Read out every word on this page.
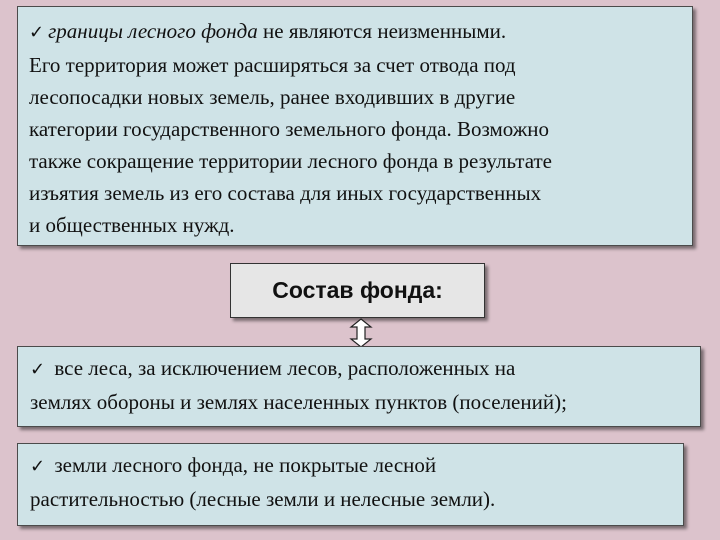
✓ границы лесного фонда не являются неизменными.

Его территория может расширяться за счет отвода под

лесопосадки новых земель, ранее входивших в другие

категории государственного земельного фонда. Возможно

также сокращение территории лесного фонда в результате

изъятия земель из его состава для иных государственных

и общественных нужд.

Состав фонда:

✓ все леса, за исключением лесов, расположенных на

землях обороны и землях населенных пунктов (поселений);

✓ земли лесного фонда, не покрытые лесной

растительностью (лесные земли и нелесные земли).
